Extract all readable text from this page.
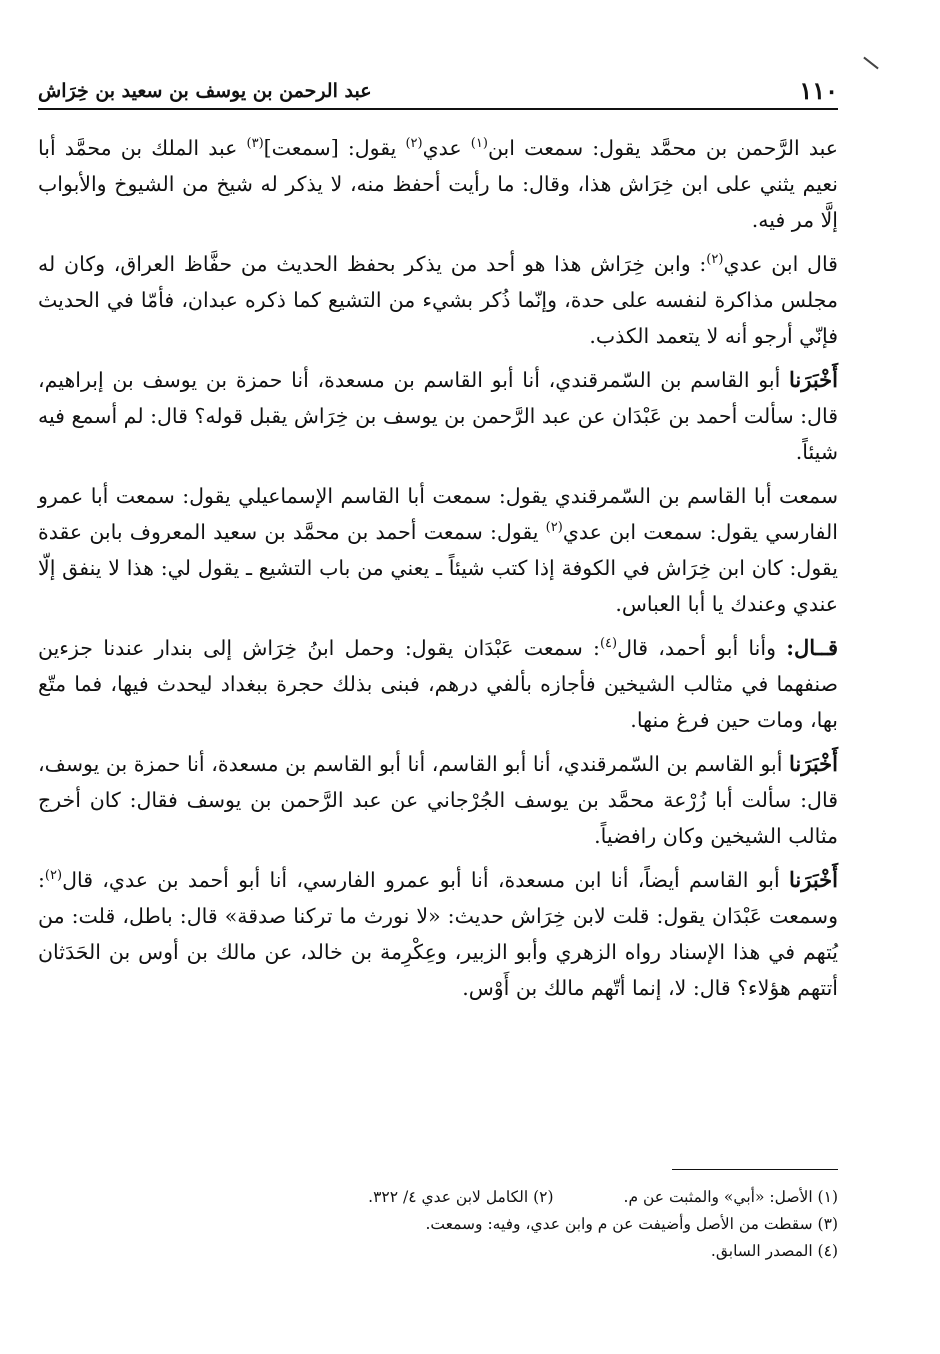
١١٠
عبد الرحمن بن يوسف بن سعيد بن خِرَاش

عبد الرَّحمن بن محمَّد يقول: سمعت ابن$^{(١)}$ عدي$^{(٢)}$ يقول: [سمعت]$^{(٣)}$ عبد الملك بن محمَّد أبا نعيم يثني على ابن خِرَاش هذا، وقال: ما رأيت أحفظ منه، لا يذكر له شيخ من الشيوخ والأبواب إلَّا مر فيه.

قال ابن عدي$^{(٢)}$: وابن خِرَاش هذا هو أحد من يذكر بحفظ الحديث من حفَّاظ العراق، وكان له مجلس مذاكرة لنفسه على حدة، وإنّما ذُكر بشيء من التشيع كما ذكره عبدان، فأمّا في الحديث فإنّي أرجو أنه لا يتعمد الكذب.

أَخْبَرَنا أبو القاسم بن السّمرقندي، أنا أبو القاسم بن مسعدة، أنا حمزة بن يوسف بن إبراهيم، قال: سألت أحمد بن عَبْدَان عن عبد الرَّحمن بن يوسف بن خِرَاش يقبل قوله؟ قال: لم أسمع فيه شيئاً.

سمعت أبا القاسم بن السّمرقندي يقول: سمعت أبا القاسم الإسماعيلي يقول: سمعت أبا عمرو الفارسي يقول: سمعت ابن عدي$^{(٢)}$ يقول: سمعت أحمد بن محمَّد بن سعيد المعروف بابن عقدة يقول: كان ابن خِرَاش في الكوفة إذا كتب شيئاً ـ يعني من باب التشيع ـ يقول لي: هذا لا ينفق إلّا عندي وعندك يا أبا العباس.

قــال: وأنا أبو أحمد، قال$^{(٤)}$: سمعت عَبْدَان يقول: وحمل ابنُ خِرَاش إلى بندار عندنا جزءين صنفهما في مثالب الشيخين فأجازه بألفي درهم، فبنى بذلك حجرة ببغداد ليحدث فيها، فما متّع بها، ومات حين فرغ منها.

أَخْبَرَنا أبو القاسم بن السّمرقندي، أنا أبو القاسم، أنا أبو القاسم بن مسعدة، أنا حمزة بن يوسف، قال: سألت أبا زُرْعة محمَّد بن يوسف الجُرْجاني عن عبد الرَّحمن بن يوسف فقال: كان أخرج مثالب الشيخين وكان رافضياً.

أَخْبَرَنا أبو القاسم أيضاً، أنا ابن مسعدة، أنا أبو عمرو الفارسي، أنا أبو أحمد بن عدي، قال$^{(٢)}$: وسمعت عَبْدَان يقول: قلت لابن خِرَاش حديث: «لا نورث ما تركنا صدقة» قال: باطل، قلت: من يُتهم في هذا الإسناد رواه الزهري وأبو الزبير، وعِكْرِمة بن خالد، عن مالك بن أوس بن الحَدَثان أتتهم هؤلاء؟ قال: لا، إنما أتّهم مالك بن أَوْس.

(١) الأصل: «أبي» والمثبت عن م.
(٢) الكامل لابن عدي ٤/ ٣٢٢.
(٣) سقطت من الأصل وأضيفت عن م وابن عدي، وفيه: وسمعت.
(٤) المصدر السابق.
